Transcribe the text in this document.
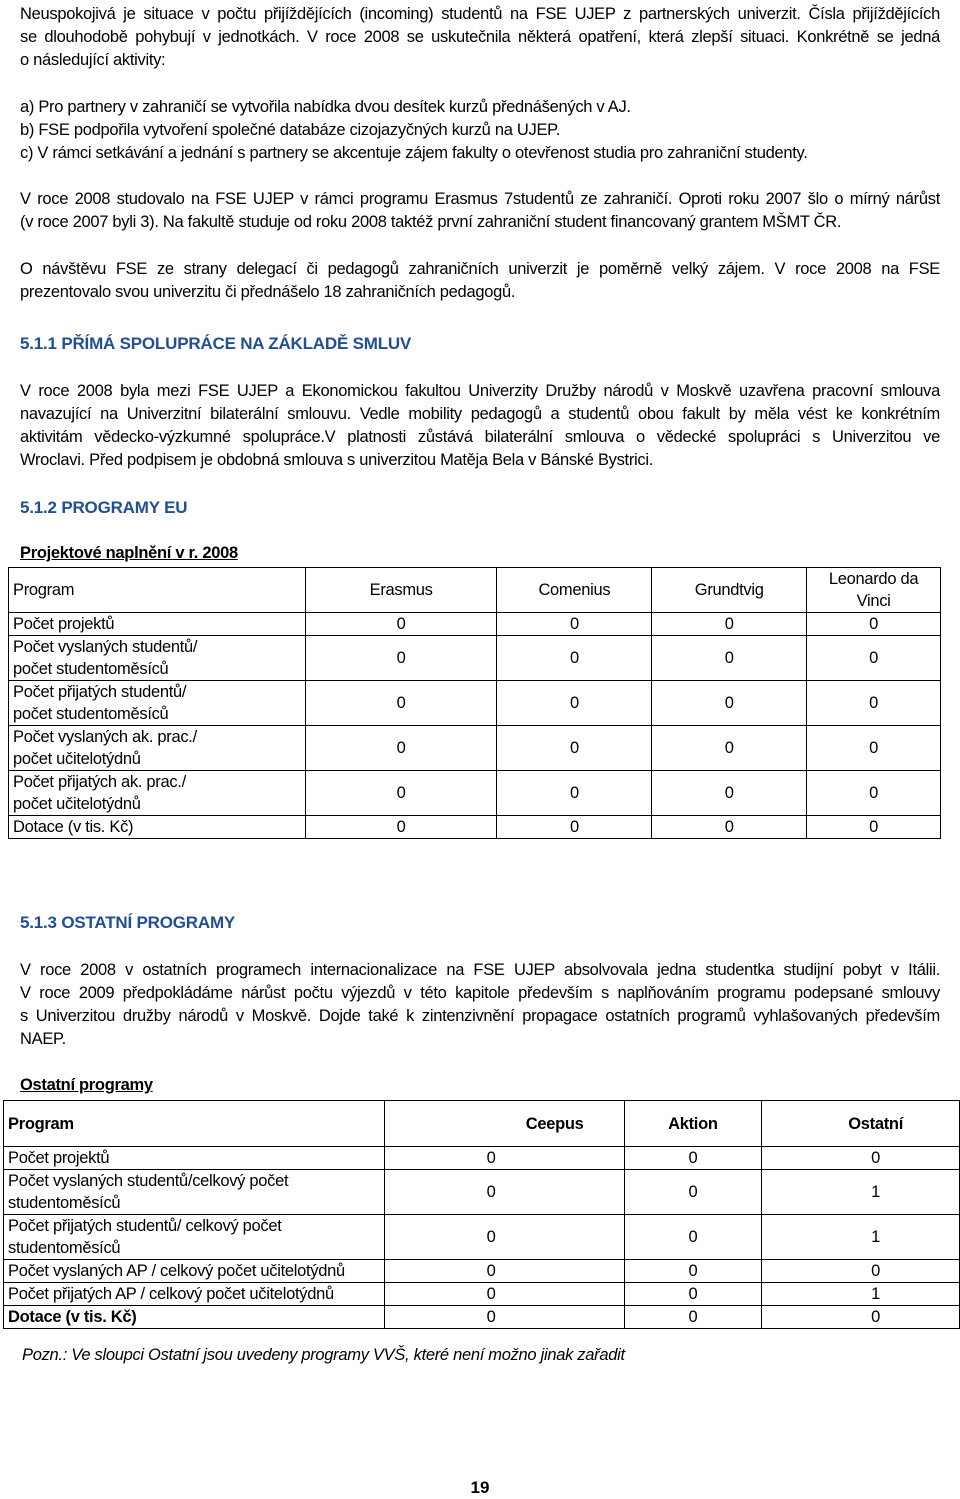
Neuspokojivá je situace v počtu přijíždějících (incoming) studentů na FSE UJEP z partnerských univerzit. Čísla přijíždějících
se dlouhodobě pohybují v jednotkách. V roce 2008 se uskutečnila některá opatření, která zlepší situaci. Konkrétně se jedná
o následující aktivity:
a) Pro partnery v zahraničí se vytvořila nabídka dvou desítek kurzů přednášených v AJ.
b) FSE podpořila vytvoření společné databáze cizojazyčných kurzů na UJEP.
c) V rámci setkávání a jednání s partnery se akcentuje zájem fakulty o otevřenost studia pro zahraniční studenty.
V roce 2008 studovalo na FSE UJEP v rámci programu Erasmus 7studentů ze zahraničí. Oproti roku 2007 šlo o mírný nárůst
(v roce 2007 byli 3). Na fakultě studuje od roku 2008 taktéž první zahraniční student financovaný grantem MŠMT ČR.
O návštěvu FSE ze strany delegací či pedagogů zahraničních univerzit je poměrně velký zájem. V roce 2008 na FSE
prezentovalo svou univerzitu či přednášelo 18 zahraničních pedagogů.
5.1.1 PŘÍMÁ SPOLUPRÁCE NA ZÁKLADĚ SMLUV
V roce 2008 byla mezi FSE UJEP a Ekonomickou fakultou Univerzity Družby národů v Moskvě uzavřena pracovní smlouva
navazující na Univerzitní bilaterální smlouvu. Vedle mobility pedagogů a studentů obou fakult by měla vést ke konkrétním
aktivitám vědecko-výzkumné spolupráce.V platnosti zůstává bilaterální smlouva o vědecké spolupráci s Univerzitou ve
Wroclavi. Před podpisem je obdobná smlouva s univerzitou Matěja Bela v Bánské Bystrici.
5.1.2 PROGRAMY EU
Projektové naplnění v r. 2008
Program	Erasmus	Comenius	Grundtvig	Leonardo da Vinci

Počet projektů	0	0	0	0

Počet vyslaných studentů/
počet studentoměsíců	0	0	0	0

Počet přijatých studentů/
počet studentoměsíců	0	0	0	0

Počet vyslaných ak. prac./
počet učitelotýdnů	0	0	0	0

Počet přijatých ak. prac./
počet učitelotýdnů	0	0	0	0

Dotace (v tis. Kč)	0	0	0	0
5.1.3 OSTATNÍ PROGRAMY
V roce 2008 v ostatních programech internacionalizace na FSE UJEP absolvovala jedna studentka studijní pobyt v Itálii.
V roce 2009 předpokládáme nárůst počtu výjezdů v této kapitole především s naplňováním programu podepsané smlouvy
s Univerzitou družby národů v Moskvě. Dojde také k zintenzivnění propagace ostatních programů vyhlašovaných především
NAEP.
Ostatní programy
Program	Ceepus	Aktion	Ostatní

Počet projektů	0	0	0

Počet vyslaných studentů/celkový počet
studentoměsíců	0	0	1

Počet přijatých studentů/ celkový počet
studentoměsíců	0	0	1

Počet vyslaných AP / celkový počet učitelotýdnů	0	0	0

Počet přijatých AP / celkový počet učitelotýdnů	0	0	1

Dotace (v tis. Kč)	0	0	0
Pozn.: Ve sloupci Ostatní jsou uvedeny programy VVŠ, které není možno jinak zařadit
19
